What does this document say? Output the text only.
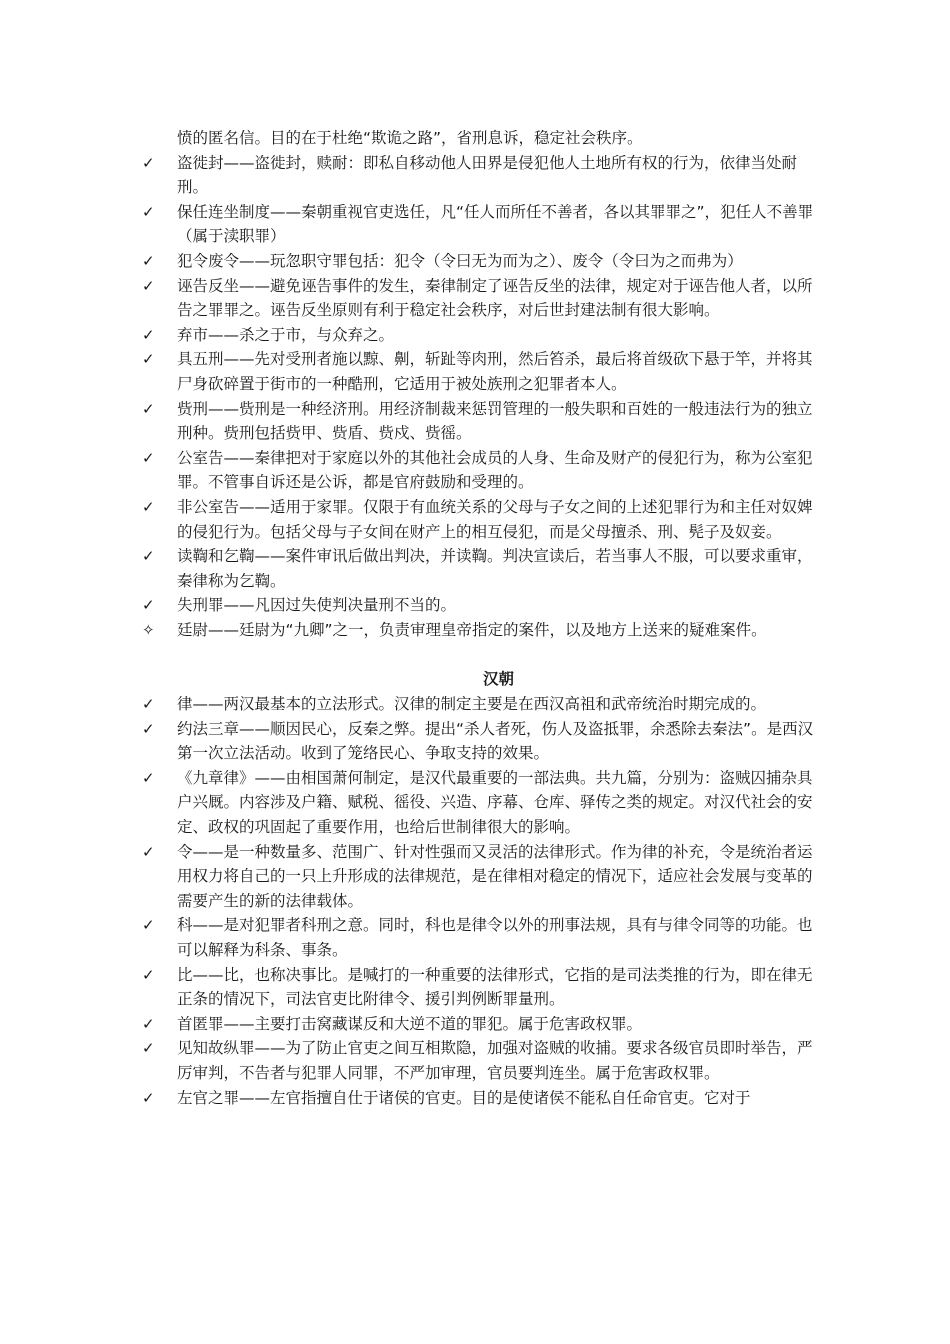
愤的匿名信。目的在于杜绝“欺诡之路”，省刑息诉，稳定社会秩序。
✓	盗徙封——盗徙封，赎耐：即私自移动他人田界是侵犯他人土地所有权的行为，依律当处耐刑。
✓	保任连坐制度——秦朝重视官吏选任，凡“任人而所任不善者，各以其罪罪之”，犯任人不善罪（属于渎职罪）
✓	犯令废令——玩忽职守罪包括：犯令（令曰无为而为之）、废令（令曰为之而弗为）
✓	诬告反坐——避免诬告事件的发生，秦律制定了诬告反坐的法律，规定对于诬告他人者，以所告之罪罪之。诬告反坐原则有利于稳定社会秩序，对后世封建法制有很大影响。
✓	弃市——杀之于市，与众弃之。
✓	具五刑——先对受刑者施以黥、劓，斩趾等肉刑，然后笞杀，最后将首级砍下悬于竿，并将其尸身砍碎置于街市的一种酷刑，它适用于被处族刑之犯罪者本人。
✓	赀刑——赀刑是一种经济刑。用经济制裁来惩罚管理的一般失职和百姓的一般违法行为的独立刑种。赀刑包括赀甲、赀盾、赀戍、赀徭。
✓	公室告——秦律把对于家庭以外的其他社会成员的人身、生命及财产的侵犯行为，称为公室犯罪。不管事自诉还是公诉，都是官府鼓励和受理的。
✓	非公室告——适用于家罪。仅限于有血统关系的父母与子女之间的上述犯罪行为和主任对奴婢的侵犯行为。包括父母与子女间在财产上的相互侵犯，而是父母擅杀、刑、髡子及奴妾。
✓	读鞫和乞鞫——案件审讯后做出判决，并读鞫。判决宣读后，若当事人不服，可以要求重审，秦律称为乞鞫。
✓	失刑罪——凡因过失使判决量刑不当的。
✧	廷尉——廷尉为“九卿”之一，负责审理皇帝指定的案件，以及地方上送来的疑难案件。
汉朝
✓	律——两汉最基本的立法形式。汉律的制定主要是在西汉高祖和武帝统治时期完成的。
✓	约法三章——顺因民心，反秦之弊。提出“杀人者死，伤人及盗抵罪，余悉除去秦法”。是西汉第一次立法活动。收到了笼络民心、争取支持的效果。
✓	《九章律》——由相国萧何制定，是汉代最重要的一部法典。共九篇，分别为：盗贼囚捕杂具户兴厩。内容涉及户籍、赋税、徭役、兴造、序幕、仓库、驿传之类的规定。对汉代社会的安定、政权的巩固起了重要作用，也给后世制律很大的影响。
✓	令——是一种数量多、范围广、针对性强而又灵活的法律形式。作为律的补充，令是统治者运用权力将自己的一只上升形成的法律规范，是在律相对稳定的情况下，适应社会发展与变革的需要产生的新的法律载体。
✓	科——是对犯罪者科刑之意。同时，科也是律令以外的刑事法规，具有与律令同等的功能。也可以解释为科条、事条。
✓	比——比，也称决事比。是喊打的一种重要的法律形式，它指的是司法类推的行为，即在律无正条的情况下，司法官吏比附律令、援引判例断罪量刑。
✓	首匿罪——主要打击窝藏谋反和大逆不道的罪犯。属于危害政权罪。
✓	见知故纵罪——为了防止官吏之间互相欺隐，加强对盗贼的收捕。要求各级官员即时举告，严厉审判，不告者与犯罪人同罪，不严加审理，官员要判连坐。属于危害政权罪。
✓	左官之罪——左官指擅自仕于诸侯的官吏。目的是使诸侯不能私自任命官吏。它对于
